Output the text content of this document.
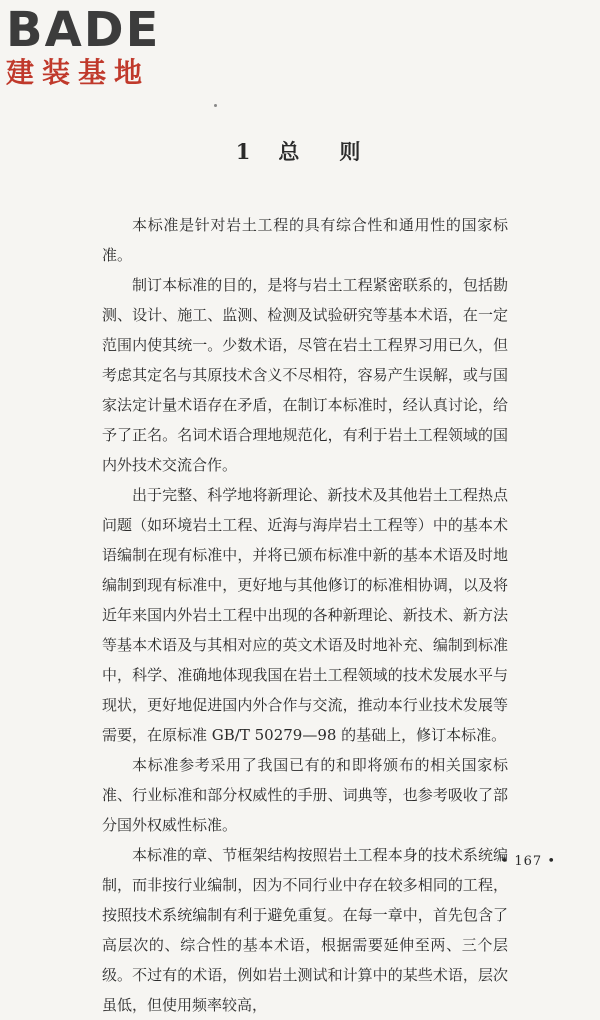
BADE
建装基地
1 总 则

本标准是针对岩土工程的具有综合性和通用性的国家标准。

制订本标准的目的，是将与岩土工程紧密联系的，包括勘测、设计、施工、监测、检测及试验研究等基本术语，在一定范围内使其统一。少数术语，尽管在岩土工程界习用已久，但考虑其定名与其原技术含义不尽相符，容易产生误解，或与国家法定计量术语存在矛盾，在制订本标准时，经认真讨论，给予了正名。名词术语合理地规范化，有利于岩土工程领域的国内外技术交流合作。

出于完整、科学地将新理论、新技术及其他岩土工程热点问题（如环境岩土工程、近海与海岸岩土工程等）中的基本术语编制在现有标准中，并将已颁布标准中新的基本术语及时地编制到现有标准中，更好地与其他修订的标准相协调，以及将近年来国内外岩土工程中出现的各种新理论、新技术、新方法等基本术语及与其相对应的英文术语及时地补充、编制到标准中，科学、准确地体现我国在岩土工程领域的技术发展水平与现状，更好地促进国内外合作与交流，推动本行业技术发展等需要，在原标准 GB/T 50279—98 的基础上，修订本标准。

本标准参考采用了我国已有的和即将颁布的相关国家标准、行业标准和部分权威性的手册、词典等，也参考吸收了部分国外权威性标准。

本标准的章、节框架结构按照岩土工程本身的技术系统编制，而非按行业编制，因为不同行业中存在较多相同的工程，按照技术系统编制有利于避免重复。在每一章中，首先包含了高层次的、综合性的基本术语，根据需要延伸至两、三个层级。不过有的术语，例如岩土测试和计算中的某些术语，层次虽低，但使用频率较高，

• 167 •
